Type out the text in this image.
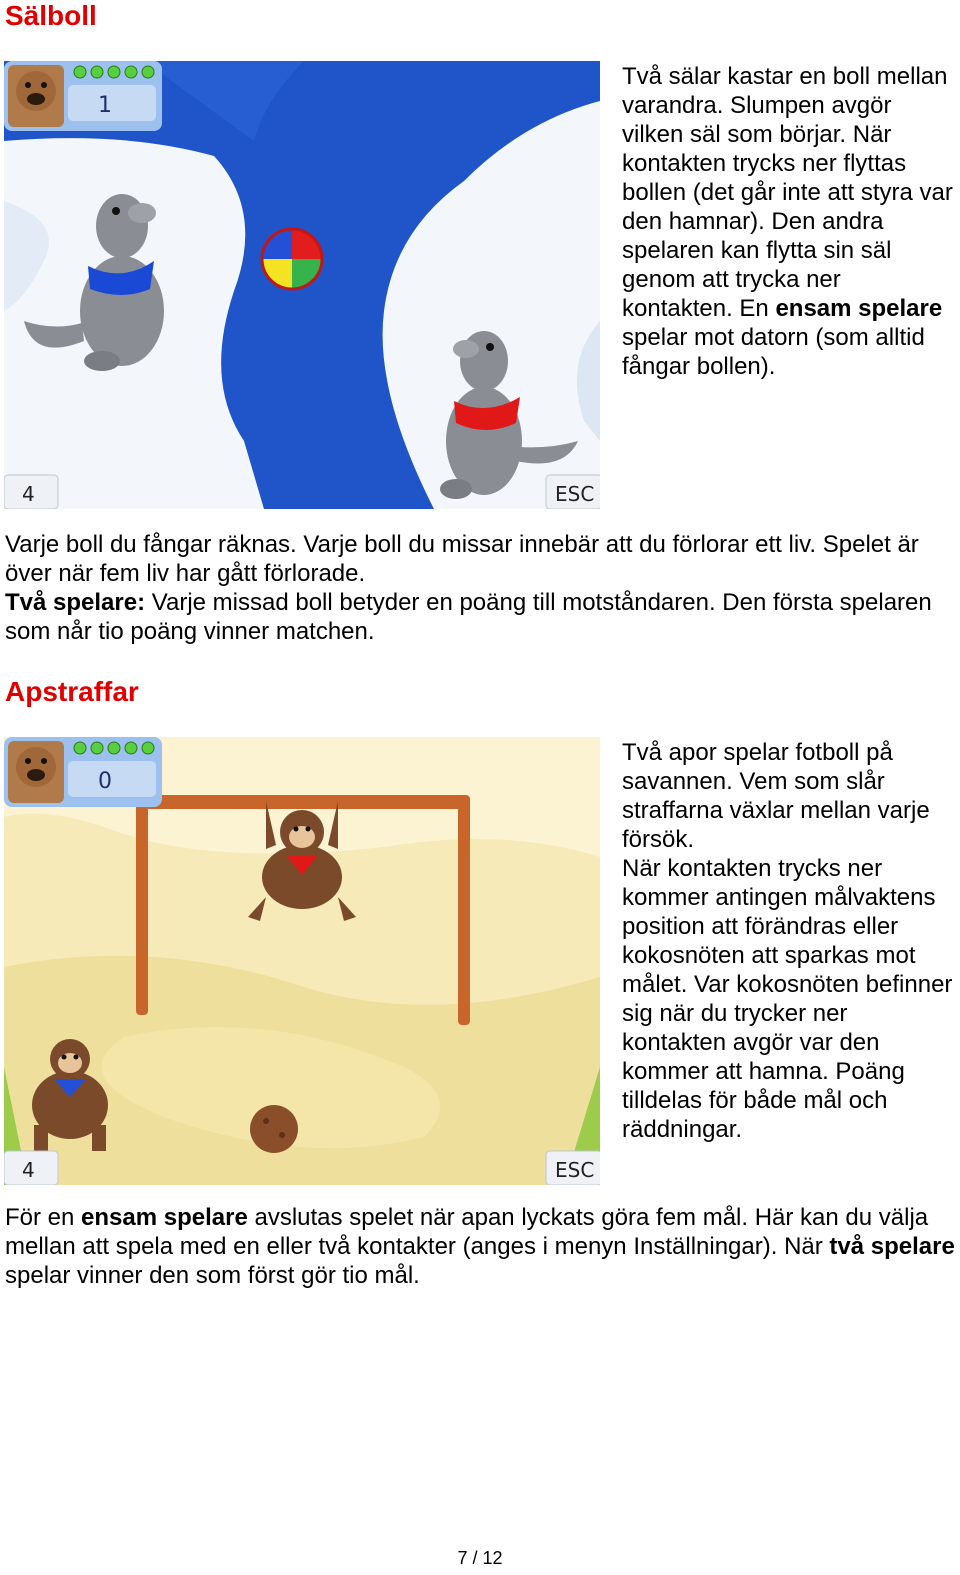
Sälboll
1
4	ESC

Två sälar kastar en boll mellan varandra. Slumpen avgör vilken säl som börjar. När kontakten trycks ner flyttas bollen (det går inte att styra var den hamnar). Den andra spelaren kan flytta sin säl genom att trycka ner kontakten. En ensam spelare spelar mot datorn (som alltid fångar bollen).

Varje boll du fångar räknas. Varje boll du missar innebär att du förlorar ett liv. Spelet är över när fem liv har gått förlorade.

Två spelare: Varje missad boll betyder en poäng till motståndaren. Den första spelaren som når tio poäng vinner matchen.

Apstraffar
0
4	ESC

Två apor spelar fotboll på savannen. Vem som slår straffarna växlar mellan varje försök.

När kontakten trycks ner kommer antingen målvaktens position att förändras eller kokosnöten att sparkas mot målet. Var kokosnöten befinner sig när du trycker ner kontakten avgör var den kommer att hamna. Poäng tilldelas för både mål och räddningar.

För en ensam spelare avslutas spelet när apan lyckats göra fem mål. Här kan du välja mellan att spela med en eller två kontakter (anges i menyn Inställningar). När två spelare spelar vinner den som först gör tio mål.

7 / 12
